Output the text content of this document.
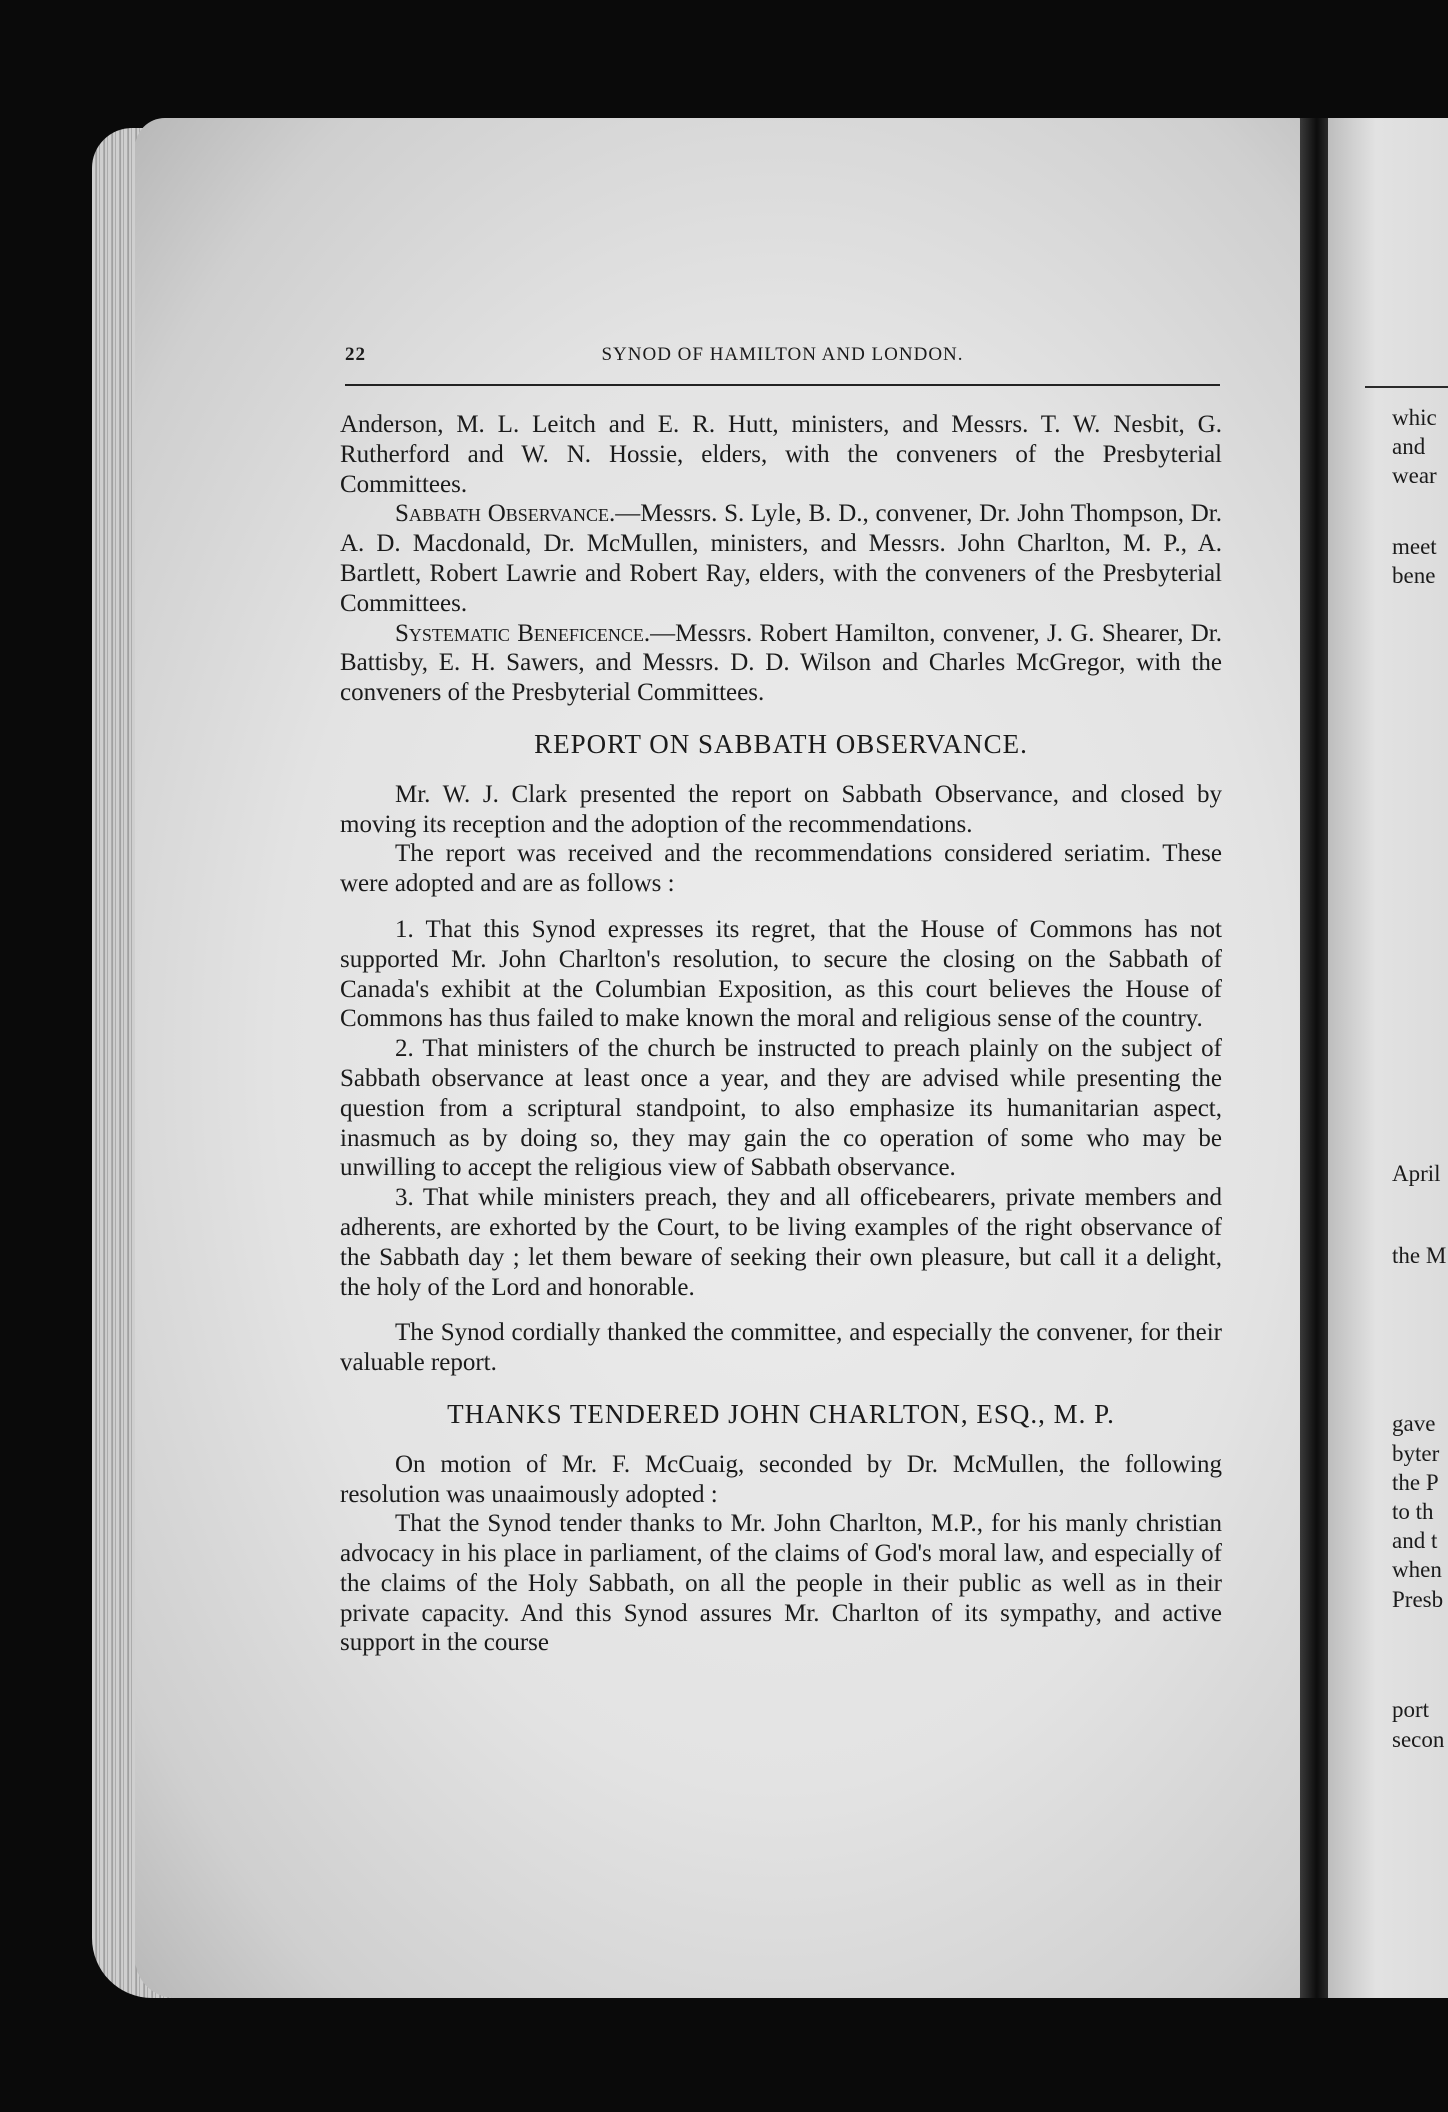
whic
and
wear
meet
bene
April
the M
gave
byter
the P
to th
and t
when
Presb
port
secon
SYNOD OF HAMILTON AND LONDON.
22

Anderson, M. L. Leitch and E. R. Hutt, ministers, and Messrs. T. W. Nesbit, G. Rutherford and W. N. Hossie, elders, with the conveners of the Presbyterial Committees.

Sabbath Observance.—Messrs. S. Lyle, B. D., convener, Dr. John Thompson, Dr. A. D. Macdonald, Dr. McMullen, ministers, and Messrs. John Charlton, M. P., A. Bartlett, Robert Lawrie and Robert Ray, elders, with the conveners of the Presbyterial Committees.

Systematic Beneficence.—Messrs. Robert Hamilton, convener, J. G. Shearer, Dr. Battisby, E. H. Sawers, and Messrs. D. D. Wilson and Charles McGregor, with the conveners of the Presbyterial Committees.

REPORT ON SABBATH OBSERVANCE.

Mr. W. J. Clark presented the report on Sabbath Observance, and closed by moving its reception and the adoption of the recommendations.

The report was received and the recommendations considered seriatim. These were adopted and are as follows :

1. That this Synod expresses its regret, that the House of Commons has not supported Mr. John Charlton's resolution, to secure the closing on the Sabbath of Canada's exhibit at the Columbian Exposition, as this court believes the House of Commons has thus failed to make known the moral and religious sense of the country.

2. That ministers of the church be instructed to preach plainly on the subject of Sabbath observance at least once a year, and they are advised while presenting the question from a scriptural standpoint, to also emphasize its humanitarian aspect, inasmuch as by doing so, they may gain the co operation of some who may be unwilling to accept the religious view of Sabbath observance.

3. That while ministers preach, they and all officebearers, private members and adherents, are exhorted by the Court, to be living examples of the right observance of the Sabbath day ; let them beware of seeking their own pleasure, but call it a delight, the holy of the Lord and honorable.

The Synod cordially thanked the committee, and especially the convener, for their valuable report.

THANKS TENDERED JOHN CHARLTON, ESQ., M. P.

On motion of Mr. F. McCuaig, seconded by Dr. McMullen, the following resolution was unaaimously adopted :

That the Synod tender thanks to Mr. John Charlton, M.P., for his manly christian advocacy in his place in parliament, of the claims of God's moral law, and especially of the claims of the Holy Sabbath, on all the people in their public as well as in their private capacity. And this Synod assures Mr. Charlton of its sympathy, and active support in the course
